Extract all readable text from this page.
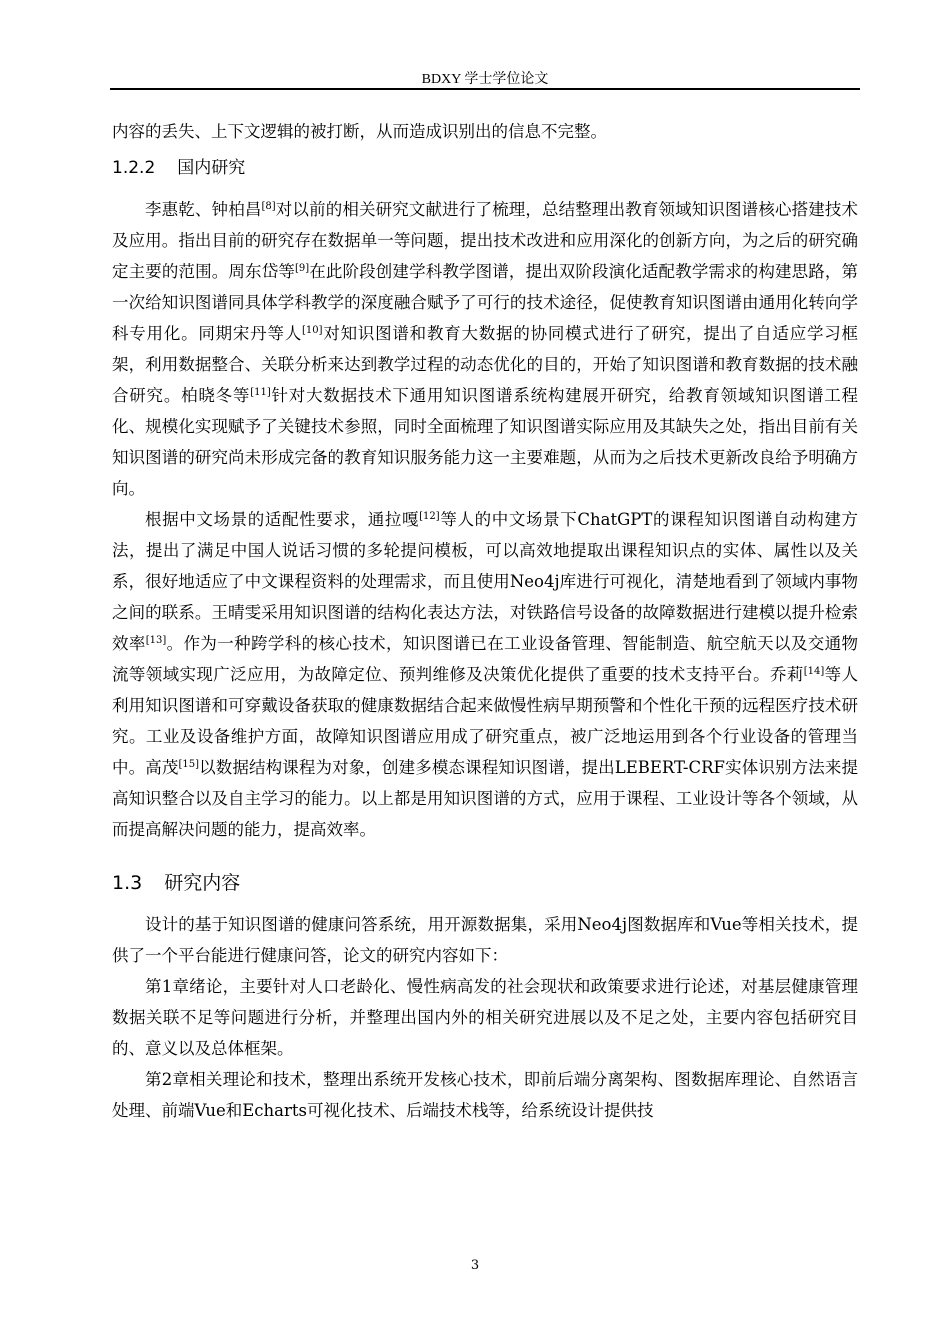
BDXY 学士学位论文

内容的丢失、上下文逻辑的被打断，从而造成识别出的信息不完整。

1.2.2 国内研究

李惠乾、钟柏昌[8]对以前的相关研究文献进行了梳理，总结整理出教育领域知识图谱核心搭建技术及应用。指出目前的研究存在数据单一等问题，提出技术改进和应用深化的创新方向，为之后的研究确定主要的范围。周东岱等[9]在此阶段创建学科教学图谱，提出双阶段演化适配教学需求的构建思路，第一次给知识图谱同具体学科教学的深度融合赋予了可行的技术途径，促使教育知识图谱由通用化转向学科专用化。同期宋丹等人[10]对知识图谱和教育大数据的协同模式进行了研究，提出了自适应学习框架，利用数据整合、关联分析来达到教学过程的动态优化的目的，开始了知识图谱和教育数据的技术融合研究。柏晓冬等[11]针对大数据技术下通用知识图谱系统构建展开研究，给教育领域知识图谱工程化、规模化实现赋予了关键技术参照，同时全面梳理了知识图谱实际应用及其缺失之处，指出目前有关知识图谱的研究尚未形成完备的教育知识服务能力这一主要难题，从而为之后技术更新改良给予明确方向。

根据中文场景的适配性要求，通拉嘎[12]等人的中文场景下ChatGPT的课程知识图谱自动构建方法，提出了满足中国人说话习惯的多轮提问模板，可以高效地提取出课程知识点的实体、属性以及关系，很好地适应了中文课程资料的处理需求，而且使用Neo4j库进行可视化，清楚地看到了领域内事物之间的联系。王晴雯采用知识图谱的结构化表达方法，对铁路信号设备的故障数据进行建模以提升检索效率[13]。作为一种跨学科的核心技术，知识图谱已在工业设备管理、智能制造、航空航天以及交通物流等领域实现广泛应用，为故障定位、预判维修及决策优化提供了重要的技术支持平台。乔莉[14]等人利用知识图谱和可穿戴设备获取的健康数据结合起来做慢性病早期预警和个性化干预的远程医疗技术研究。工业及设备维护方面，故障知识图谱应用成了研究重点，被广泛地运用到各个行业设备的管理当中。高茂[15]以数据结构课程为对象，创建多模态课程知识图谱，提出LEBERT-CRF实体识别方法来提高知识整合以及自主学习的能力。以上都是用知识图谱的方式，应用于课程、工业设计等各个领域，从而提高解决问题的能力，提高效率。

1.3 研究内容

设计的基于知识图谱的健康问答系统，用开源数据集，采用Neo4j图数据库和Vue等相关技术，提供了一个平台能进行健康问答，论文的研究内容如下：

第1章绪论，主要针对人口老龄化、慢性病高发的社会现状和政策要求进行论述，对基层健康管理数据关联不足等问题进行分析，并整理出国内外的相关研究进展以及不足之处，主要内容包括研究目的、意义以及总体框架。

第2章相关理论和技术，整理出系统开发核心技术，即前后端分离架构、图数据库理论、自然语言处理、前端Vue和Echarts可视化技术、后端技术栈等，给系统设计提供技

3
